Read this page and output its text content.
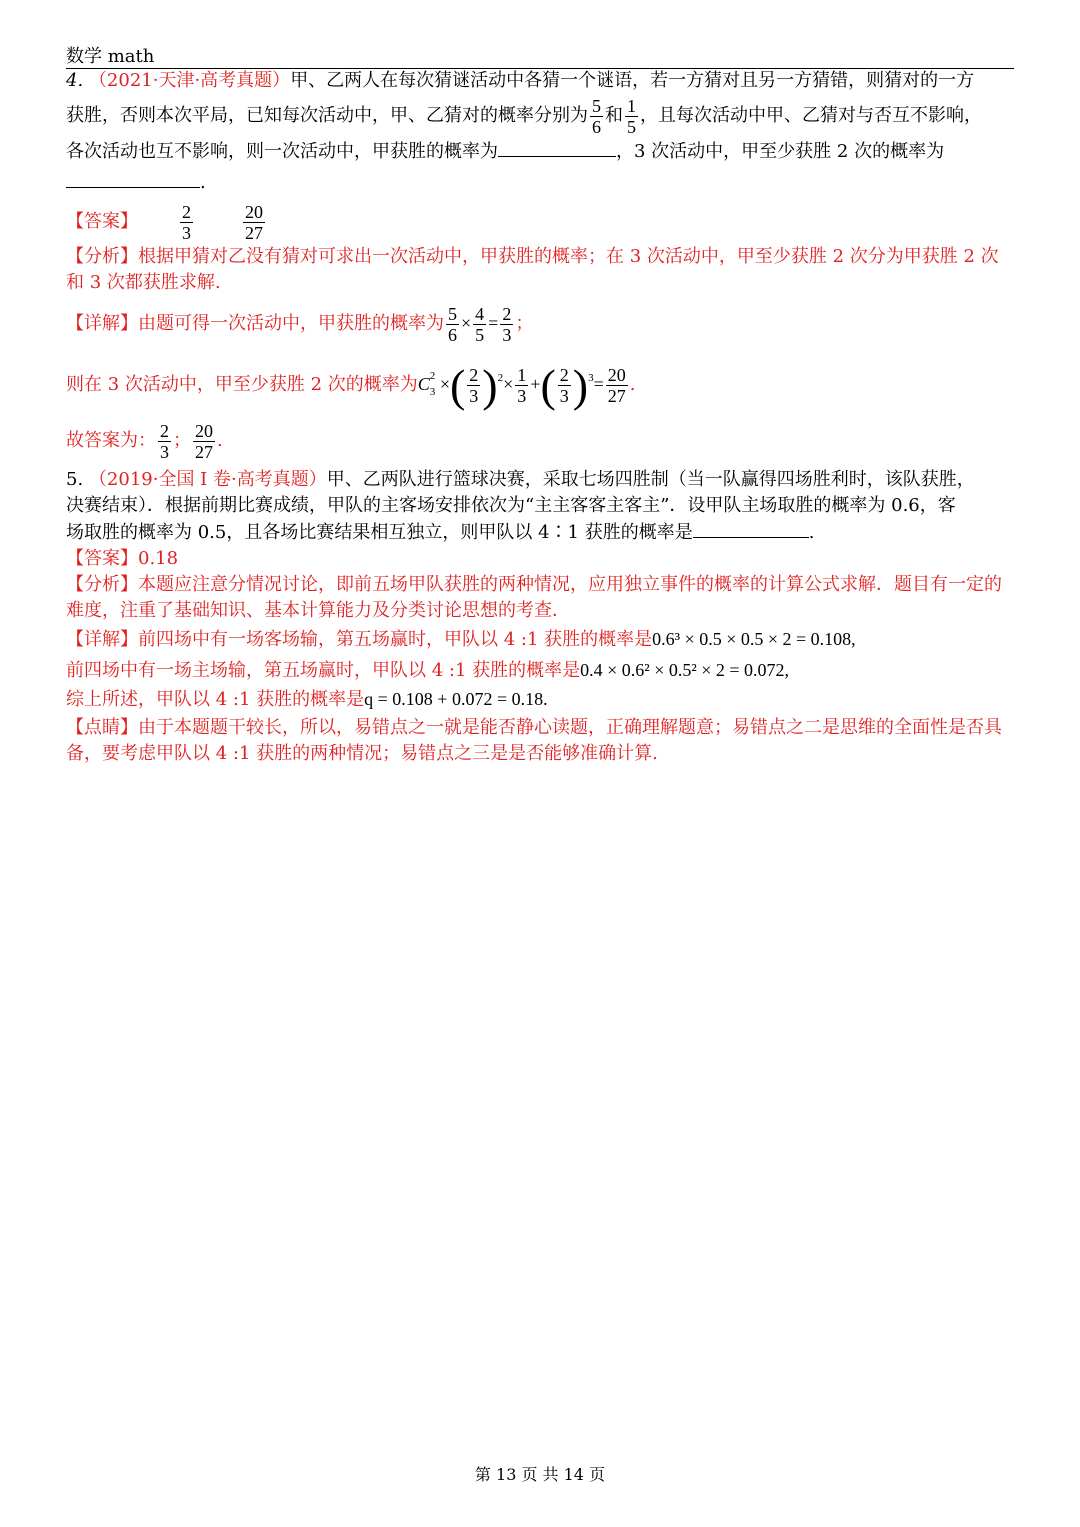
数学 math

4. （2021·天津·高考真题）甲、乙两人在每次猜谜活动中各猜一个谜语，若一方猜对且另一方猜错，则猜对的一方

获胜，否则本次平局，已知每次活动中，甲、乙猜对的概率分别为 $\frac{5}{6}$ 和 $\frac{1}{5}$ ，且每次活动中甲、乙猜对与否互不影响，

各次活动也互不影响，则一次活动中，甲获胜的概率为	，3 次活动中，甲至少获胜 2 次的概率为

.

【答案】 $\frac{2}{3}$	$\frac{20}{27}$

【分析】根据甲猜对乙没有猜对可求出一次活动中，甲获胜的概率；在 3 次活动中，甲至少获胜 2 次分为甲获胜 2 次和 3 次都获胜求解.

【详解】由题可得一次活动中，甲获胜的概率为 $\frac{5}{6} \times \frac{4}{5} = \frac{2}{3}$ ；

则在 3 次活动中，甲至少获胜 2 次的概率为C 2
3 ×( $\frac{2}{3} )^2\times \frac{1}{3}$ +( $\frac{2}{3} )^3= \frac{20}{27}$ .

故答案为： $\frac{2}{3}$ ； $\frac{20}{27}$ .

5. （2019·全国 I 卷·高考真题）甲、乙两队进行篮球决赛，采取七场四胜制（当一队赢得四场胜利时，该队获胜，

决赛结束）．根据前期比赛成绩，甲队的主客场安排依次为“主主客客主客主”．设甲队主场取胜的概率为 0.6，客

场取胜的概率为 0.5，且各场比赛结果相互独立，则甲队以 4∶1 获胜的概率是	.

【答案】0.18

【分析】本题应注意分情况讨论，即前五场甲队获胜的两种情况，应用独立事件的概率的计算公式求解．题目有一定的难度，注重了基础知识、基本计算能力及分类讨论思想的考查．

【详解】前四场中有一场客场输，第五场赢时，甲队以 4 :1 获胜的概率是0.6³ × 0.5 × 0.5 × 2 = 0.108,

前四场中有一场主场输，第五场赢时，甲队以 4 :1 获胜的概率是0.4 × 0.6² × 0.5² × 2 = 0.072,

综上所述，甲队以 4 :1 获胜的概率是q = 0.108 + 0.072 = 0.18.

【点睛】由于本题题干较长，所以，易错点之一就是能否静心读题，正确理解题意；易错点之二是思维的全面性是否具备，要考虑甲队以 4 :1 获胜的两种情况；易错点之三是是否能够准确计算.

第 13 页 共 14 页
